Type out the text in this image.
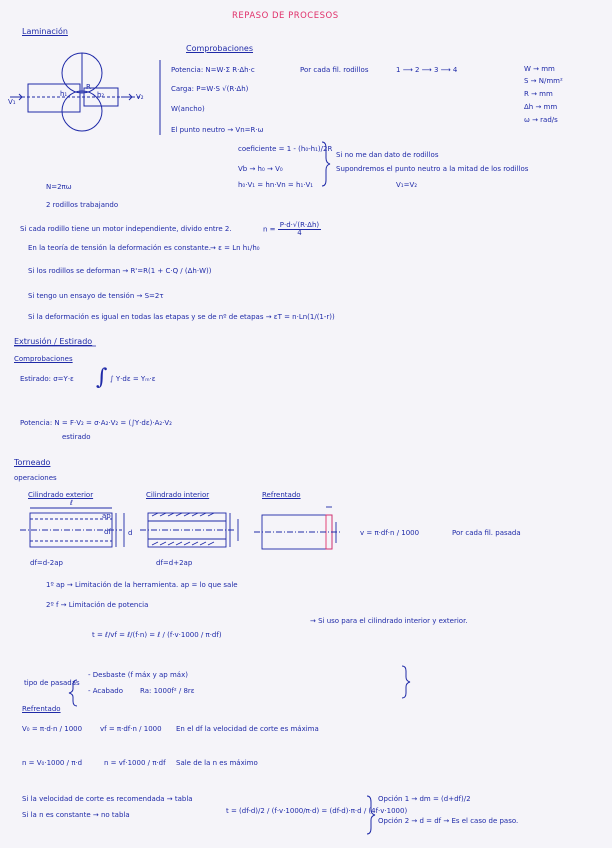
REPASO DE PROCESOS
Laminación
∫
V₁
h₁
R
h₂	V₂
Comprobaciones
Potencia: N=W·Σ R·Δh·c	Por cada fil. rodillos	1 ⟶ 2 ⟶ 3 ⟶ 4
Carga: P=W·S √(R·Δh)
W(ancho)
W → mm
S → N/mm²
R → mm
Δh → mm
ω → rad/s
El punto neutro → Vn=R·ω
coeficiente = 1 - (h₀-h₁)/2R
Vb → h₀ → V₀
h₀·V₁ = hn·Vn = h₁·V₁
Si no me dan dato de rodillos
Supondremos el punto neutro a la mitad de los rodillos
V₁=V₂
N=2πω
2 rodillos trabajando
Si cada rodillo tiene un motor independiente, divido entre 2.	$n = \frac{P\cdot d\cdot√(R\cdot\Delta h)}{4}$
En la teoría de tensión la deformación es constante. → ε = Ln h₁/h₀
Si los rodillos se deforman → R'=R(1 + C·Q / (Δh·W))
Si tengo un ensayo de tensión → S=2τ
Si la deformación es igual en todas las etapas y se de nº de etapas → εT = n·Ln(1/(1-r))
Extrusión / Estirado
Comprobaciones
Estirado: σ=Y·ε	∫ Y·dε = Yₘ·ε
Potencia: N = F·V₂ = σ·A₂·V₂ = (∫Y·dε)·A₂·V₂
estirado
Torneado
operaciones
Cilindrado exterior	Cilindrado interior	Refrentado
ℓ
ap
df d
df=d-2ap	df=d+2ap
v = π·df·n / 1000	Por cada fil. pasada
1º ap → Limitación de la herramienta. ap = lo que sale
2º f → Limitación de potencia
t = ℓ/vf = ℓ/(f·n) = ℓ / (f·v·1000 / π·df)
→ Si uso para el cilindrado interior y exterior.
tipo de pasadas
- Desbaste (f máx y ap máx)
- Acabado Ra: 1000f² / 8rε
Refrentado
V₀ = π·d·n / 1000	vf = π·df·n / 1000 En el df la velocidad de corte es máxima
n = V₀·1000 / π·d	n = vf·1000 / π·df Sale de la n es máximo
Si la velocidad de corte es recomendada → tabla
Si la n es constante → no tabla	t = (df-d)/2 / (f·v·1000/π·d) = (df-d)·π·d / (4f·v·1000)
Opción 1 → dm = (d+df)/2
Opción 2 → d = df → Es el caso de paso.
